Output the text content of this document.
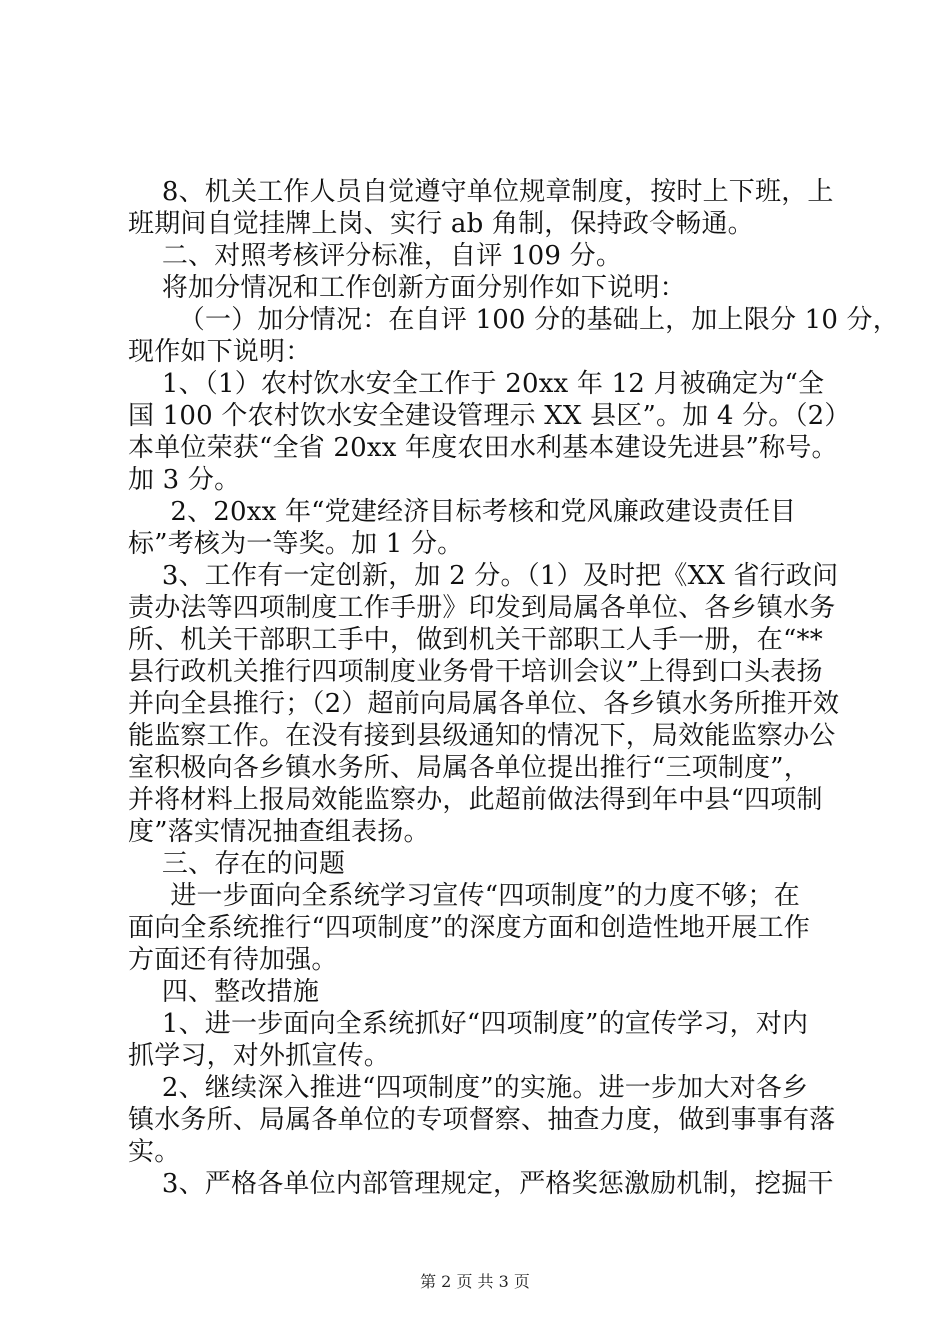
8、机关工作人员自觉遵守单位规章制度，按时上下班，上
班期间自觉挂牌上岗、实行 ab 角制，保持政令畅通。
二、对照考核评分标准，自评 109 分。
将加分情况和工作创新方面分别作如下说明：
（一）加分情况：在自评 100 分的基础上，加上限分 10 分，
现作如下说明：
1、（1）农村饮水安全工作于 20xx 年 12 月被确定为“全
国 100 个农村饮水安全建设管理示 XX 县区”。加 4 分。（2）
本单位荣获“全省 20xx 年度农田水利基本建设先进县”称号。
加 3 分。
2、20xx 年“党建经济目标考核和党风廉政建设责任目
标”考核为一等奖。加 1 分。
3、工作有一定创新，加 2 分。（1）及时把《XX 省行政问
责办法等四项制度工作手册》印发到局属各单位、各乡镇水务
所、机关干部职工手中，做到机关干部职工人手一册，在“**
县行政机关推行四项制度业务骨干培训会议”上得到口头表扬
并向全县推行；（2）超前向局属各单位、各乡镇水务所推开效
能监察工作。在没有接到县级通知的情况下，局效能监察办公
室积极向各乡镇水务所、局属各单位提出推行“三项制度”，
并将材料上报局效能监察办，此超前做法得到年中县“四项制
度”落实情况抽查组表扬。
三、存在的问题
进一步面向全系统学习宣传“四项制度”的力度不够；在
面向全系统推行“四项制度”的深度方面和创造性地开展工作
方面还有待加强。
四、整改措施
1、进一步面向全系统抓好“四项制度”的宣传学习，对内
抓学习，对外抓宣传。
2、继续深入推进“四项制度”的实施。进一步加大对各乡
镇水务所、局属各单位的专项督察、抽查力度，做到事事有落
实。
3、严格各单位内部管理规定，严格奖惩激励机制，挖掘干
第 2 页 共 3 页
